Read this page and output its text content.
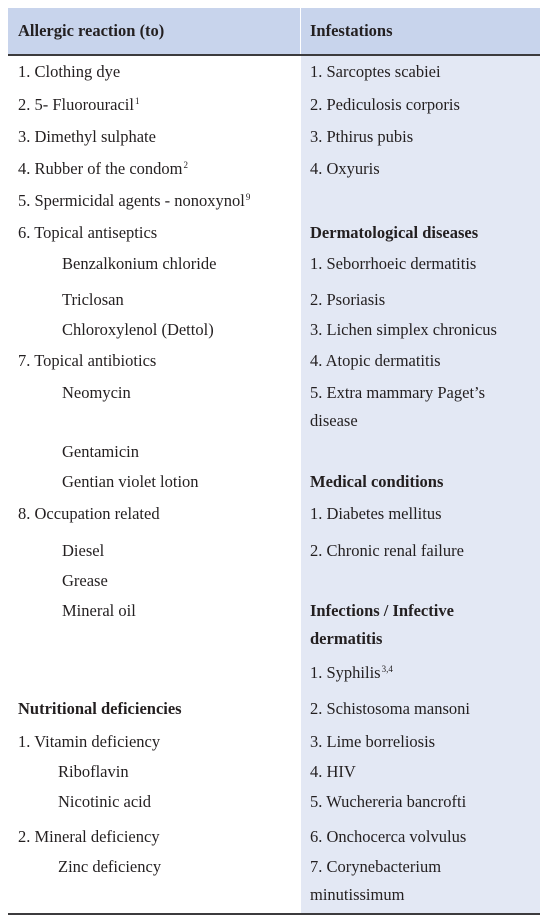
Allergic reaction (to)	Infestations
1. Clothing dye
2. 5- Fluorouracil$^1$
3. Dimethyl sulphate
4. Rubber of the condom$^2$
5. Spermicidal agents - nonoxynol$^9$
6. Topical antiseptics
Benzalkonium chloride
Triclosan
Chloroxylenol (Dettol)
7. Topical antibiotics
Neomycin
Gentamicin
Gentian violet lotion
8. Occupation related
Diesel
Grease
Mineral oil
Nutritional deficiencies
1. Vitamin deficiency
Riboflavin
Nicotinic acid
2. Mineral deficiency
Zinc deficiency
1. Sarcoptes scabiei
2. Pediculosis corporis
3. Pthirus pubis
4. Oxyuris
Dermatological diseases
1. Seborrhoeic dermatitis
2. Psoriasis
3. Lichen simplex chronicus
4. Atopic dermatitis
5. Extra mammary Paget’s disease
Medical conditions
1. Diabetes mellitus
2. Chronic renal failure
Infections / Infective dermatitis
1. Syphilis$^{3,4}$
2. Schistosoma mansoni
3. Lime borreliosis
4. HIV
5. Wuchereria bancrofti
6. Onchocerca volvulus
7. Corynebacterium minutissimum
